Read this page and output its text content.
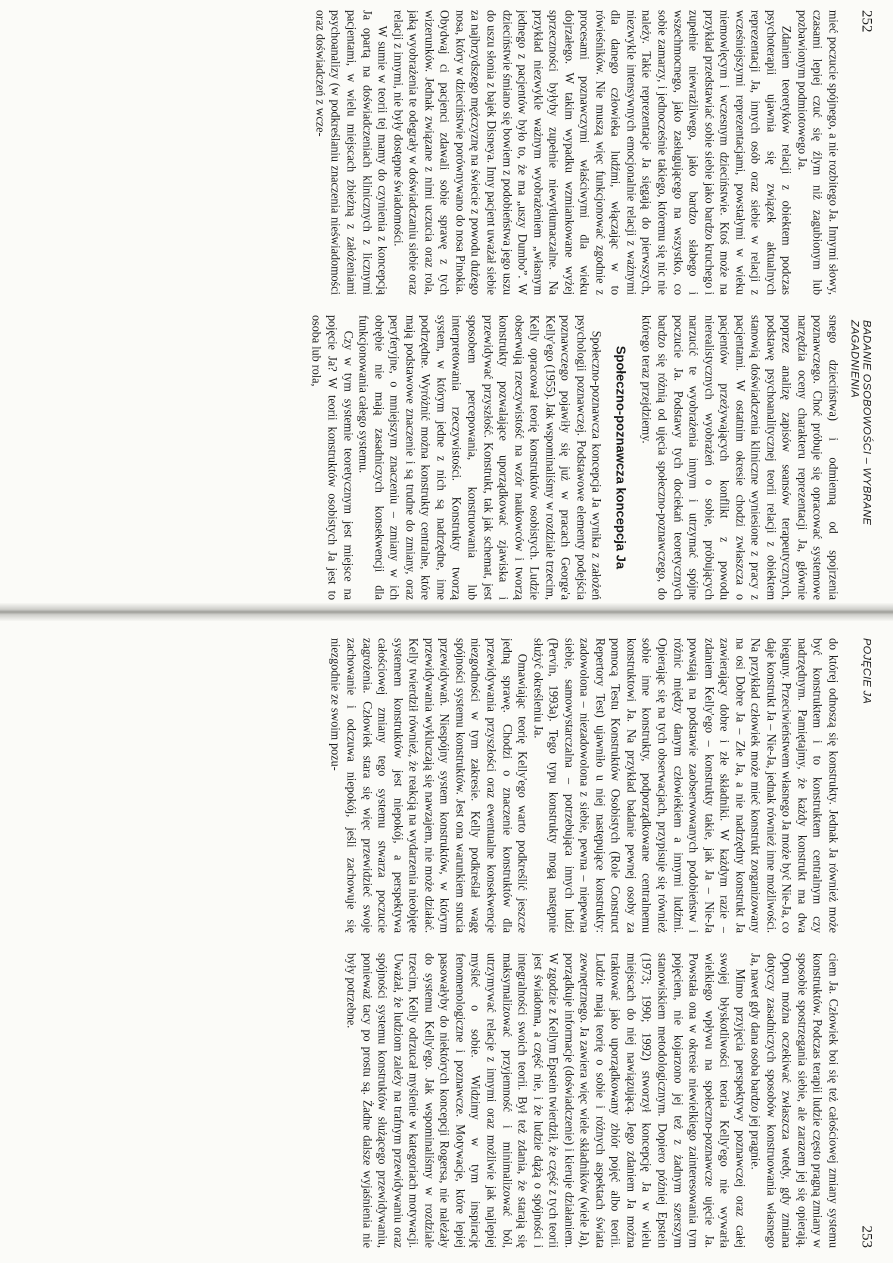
252
BADANIE OSOBOWOŚCI – WYBRANE ZAGADNIENIA

mieć poczucie spójnego, a nie rozbitego Ja. Innymi słowy, czasami lepiej czuć się źlym niż zagubionym lub pozbawionym podmiotowego Ja.

Zdaniem teoretyków relacji z obiektem podczas psychoterapii ujawnia się związek aktualnych reprezentacji Ja, innych osób oraz siebie w relacji z wcześniejszymi reprezentacjami, powstałymi w wieku niemowlęcym i wczesnym dzieciństwie. Ktoś może na przykład przedstawiać sobie siebie jako bardzo kruchego i zupełnie niewrażliwego, jako bardzo słabego i wszechmocnego, jako zasługującego na wszystko, co sobie zamarzy, i jednocześnie takiego, któremu się nic nie należy. Takie reprezentacje Ja sięgają do pierwszych, niezwykle intensywnych emocjonalnie relacji z ważnymi dla danego człowieka ludźmi, włączając w to rówieśników. Nie muszą więc funkcjonować zgodnie z procesami poznawczymi właściwymi dla wieku dojrzałego. W takim wypadku wzmiankowane wyżej sprzeczności byłyby zupełnie niewytłumaczalne. Na przykład niezwykle ważnym wyobrażeniem „własnym jednego z pacjentów było to, że ma „uszy Dumbo”. W dzieciństwie śmiano się bowiem z podobieństwa jego uszu do uszu słonia z bajek Disneya. Inny pacjent uważał siebie za najbrzydszego mężczyznę na świecie z powodu dużego nosa, który w dzieciństwie porównywano do nosa Pinokia. Obydwaj ci pacjenci zdawali sobie sprawę z tych wizerunków. Jednak związane z nimi uczucia oraz rola, jaką wyobrażenia te odegrały w doświadczaniu siebie oraz relacji z innymi, nie były dostępne świadomości.

W sumie w teorii tej mamy do czynienia z koncepcją Ja opartą na doświadczeniach klinicznych z licznymi pacjentami, w wielu miejscach zbieżną z założeniami psychoanalizy (w podkreślaniu znaczenia nieświadomości oraz doświadczeń z wcze-

snego dzieciństwa) i odmienną od spojrzenia poznawczego. Choć próbuje się opracować systemowe narzędzia oceny charakteru reprezentacji Ja, głównie poprzez analizę zapisów seansów terapeutycznych, podstawę psychoanalitycznej teorii relacji z obiektem stanowią doświadczenia kliniczne wyniesione z pracy z pacjentami. W ostatnim okresie chodzi zwłaszcza o pacjentów przeżywających konflikt z powodu nierealistycznych wyobrażeń o sobie, próbujących narzucić te wyobrażenia innym i utrzymać spójne poczucie Ja. Podstawy tych dociekań teoretycznych bardzo się różnią od ujęcia społeczno-poznawczego, do którego teraz przejdziemy.

Społeczno-poznawcza koncepcja Ja

Społeczno-poznawcza koncepcja Ja wynika z założeń psychologii poznawczej. Podstawowe elementy podejścia poznawczego pojawiły się już w pracach George'a Kelly'ego (1955). Jak wspominaliśmy w rozdziale trzecim, Kelly opracował teorię konstruktów osobistych. Ludzie obserwują rzeczywistość na wzór naukowców i tworzą konstrukty pozwalające uporządkować zjawiska i przewidywać przyszłość. Konstrukt, tak jak schemat, jest sposobem percepowania, konstruowania lub interpretowania rzeczywistości. Konstrukty tworzą system, w którym jedne z nich są nadrzędne, inne podrzędne. Wyróżnić można konstrukty centralne, które mają podstawowe znaczenie i są trudne do zmiany, oraz peryferyjne, o mniejszym znaczeniu – zmiany w ich obrębie nie mają zasadniczych konsekwencji dla funkcjonowania całego systemu.

Czy w tym systemie teoretycznym jest miejsce na pojęcie Ja? W teorii konstruktów osobistych Ja jest to osoba lub rola,

POJĘCIE JA
253

do której odnoszą się konstrukty. Jednak Ja również może być konstruktem i to konstruktem centralnym czy nadrzędnym. Pamiętajmy, że każdy konstrukt ma dwa bieguny. Przeciwieństwem własnego Ja może być Nie-Ja, co daje konstrukt Ja – Nie-Ja, jednak również inne możliwości. Na przykład człowiek może mieć konstrukt zorganizowany na osi Dobre Ja – Złe Ja, a nie nadrzędny konstrukt Ja zawierający dobre i złe składniki. W każdym razie – zdaniem Kelly'ego – konstrukty takie, jak Ja – Nie-Ja powstają na podstawie zaobserwowanych podobieństw i różnic między danym człowiekiem a innymi ludźmi. Opierając się na tych obserwacjach, przypisuje się również sobie inne konstrukty, podporządkowane centralnemu konstruktowi Ja. Na przykład badanie pewnej osoby za pomocą Testu Konstruktów Osobistych (Role Construct Repertory Test) ujawniło u niej następujące konstrukty: zadowolona – niezadowolona z siebie, pewna – niepewna siebie, samowystarczalna – potrzebująca innych ludzi (Pervin, 1993a). Tego typu konstrukty mogą następnie służyć określeniu Ja.

Omawiając teorię Kelly'ego warto podkreślić jeszcze jedną sprawę. Chodzi o znaczenie konstruktów dla przewidywania przyszłości oraz ewentualne konsekwencje niezgodności w tym zakresie. Kelly podkreślał wagę spójności systemu konstruktów. Jest ona warunkiem snucia przewidywań. Niespójny system konstruktów, w którym przewidywania wykluczają się nawzajem, nie może działać. Kelly twierdził również, że reakcją na wydarzenia nieobjęte systemem konstruktów jest niepokój, a perspektywa całościowej zmiany tego systemu stwarza poczucie zagrożenia. Człowiek stara się więc przewidzieć swoje zachowanie i odczuwa niepokój, jeśli zachowuje się niezgodnie ze swoim pozu-

ciem Ja. Człowiek boi się też całościowej zmiany systemu konstruktów. Podczas terapii ludzie często pragną zmiany w sposobie spostrzegania siebie, ale zarazem jej się opierają. Oporu można oczekiwać zwłaszcza wtedy, gdy zmiana dotyczy zasadniczych sposobów konstruowania własnego Ja, nawet gdy dana osoba bardzo jej pragnie.

Mimo przyjęcia perspektywy poznawczej oraz całej swojej błyskotliwości teoria Kelly'ego nie wywarła wielkiego wpływu na społeczno-poznawcze ujęcie Ja. Powstała ona w okresie niewielkiego zainteresowania tym pojęciem, nie kojarzono jej też z żadnym szerszym stanowiskiem metodologicznym. Dopiero później Epstein (1973; 1990; 1992) stworzył koncepcję Ja w wielu miejscach do niej nawiązującą. Jego zdaniem Ja można traktować jako uporządkowany zbiór pojęć albo teorii. Ludzie mają teorię o sobie i różnych aspektach świata zewnętrznego. Ja zawiera więc wiele składników (wiele Ja), porządkuje informacje (doświadczenie) i kieruje działaniem. W zgodzie z Kellym Epstein twierdził, że część z tych teorii jest świadoma, a część nie, i że ludzie dążą o spójności i integralności swoich teorii. Był też zdania, że starają się maksymalizować przyjemność i minimalizować ból, utrzymywać relacje z innymi oraz możliwie jak najlepiej myśleć o sobie. Widzimy w tym inspirację fenomenologiczne i poznawcze. Motywacje, które lepiej pasowałyby do niektórych koncepcji Rogersa, nie należały do systemu Kelly'ego. Jak wspominaliśmy w rozdziale trzecim, Kelly odrzucał myślenie w kategoriach motywacji. Uważał, że ludziom zależy na trafnym przewidywaniu oraz spójności systemu konstruktów służącego przewidywaniu, ponieważ tacy po prostu są. Żadne dalsze wyjaśnienia nie były potrzebne.
